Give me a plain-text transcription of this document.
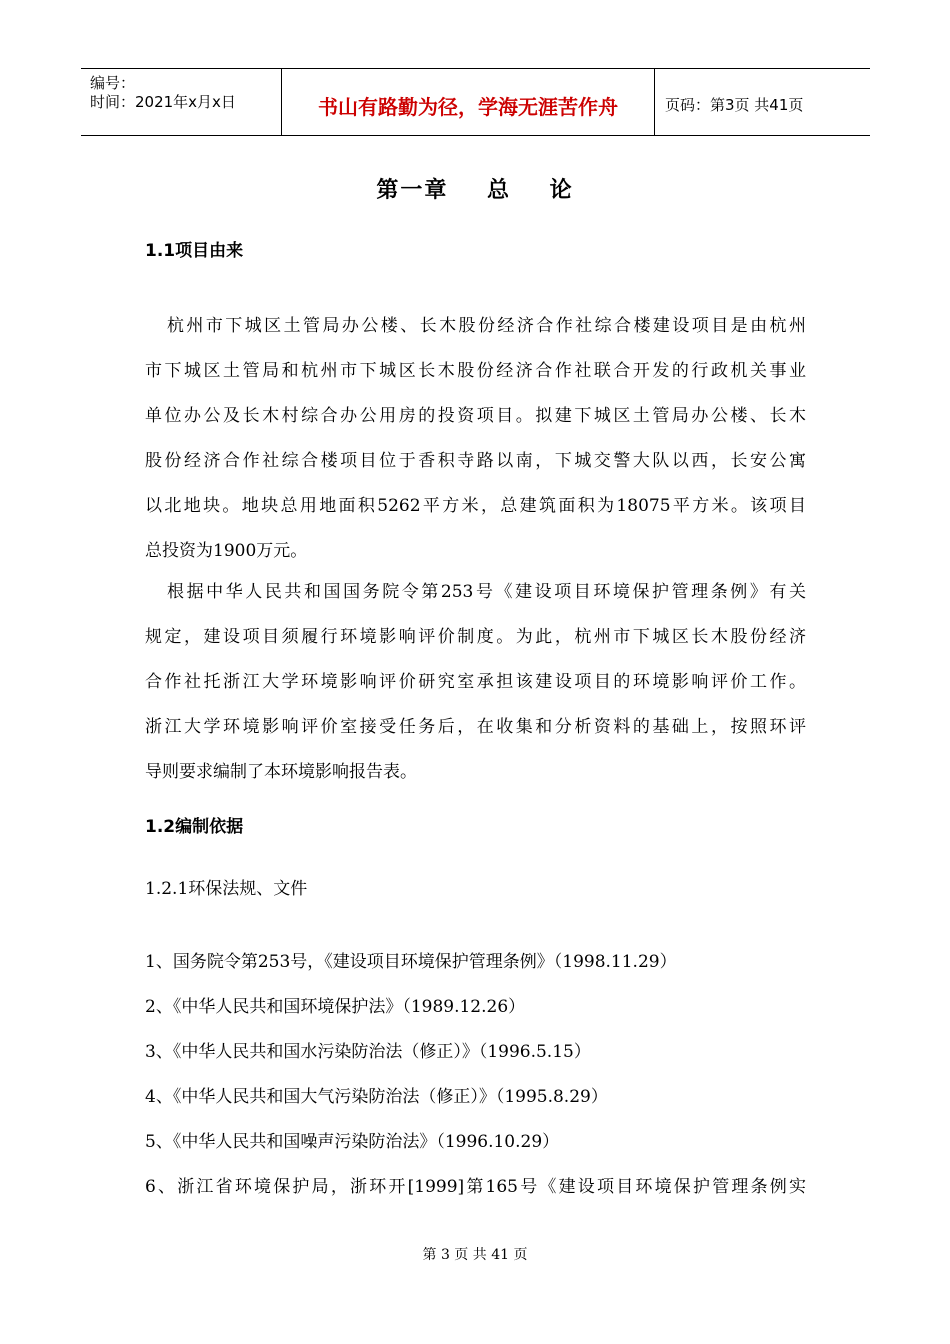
编号：
时间：2021年x月x日	书山有路勤为径，学海无涯苦作舟	页码：第3页 共41页
第一章    总    论
1.1项目由来
杭州市下城区土管局办公楼、长木股份经济合作社综合楼建设项目是由杭州
市下城区土管局和杭州市下城区长木股份经济合作社联合开发的行政机关事业
单位办公及长木村综合办公用房的投资项目。拟建下城区土管局办公楼、长木
股份经济合作社综合楼项目位于香积寺路以南，下城交警大队以西，长安公寓
以北地块。地块总用地面积5262平方米，总建筑面积为18075平方米。该项目
总投资为1900万元。
根据中华人民共和国国务院令第253号《建设项目环境保护管理条例》有关
规定，建设项目须履行环境影响评价制度。为此，杭州市下城区长木股份经济
合作社托浙江大学环境影响评价研究室承担该建设项目的环境影响评价工作。
浙江大学环境影响评价室接受任务后，在收集和分析资料的基础上，按照环评
导则要求编制了本环境影响报告表。
1.2编制依据
1.2.1环保法规、文件
1、国务院令第253号，《建设项目环境保护管理条例》（1998.11.29）
2、《中华人民共和国环境保护法》（1989.12.26）
3、《中华人民共和国水污染防治法（修正）》（1996.5.15）
4、《中华人民共和国大气污染防治法（修正）》（1995.8.29）
5、《中华人民共和国噪声污染防治法》（1996.10.29）
6、浙江省环境保护局，浙环开[1999]第165号《建设项目环境保护管理条例实
第 3 页 共 41 页
